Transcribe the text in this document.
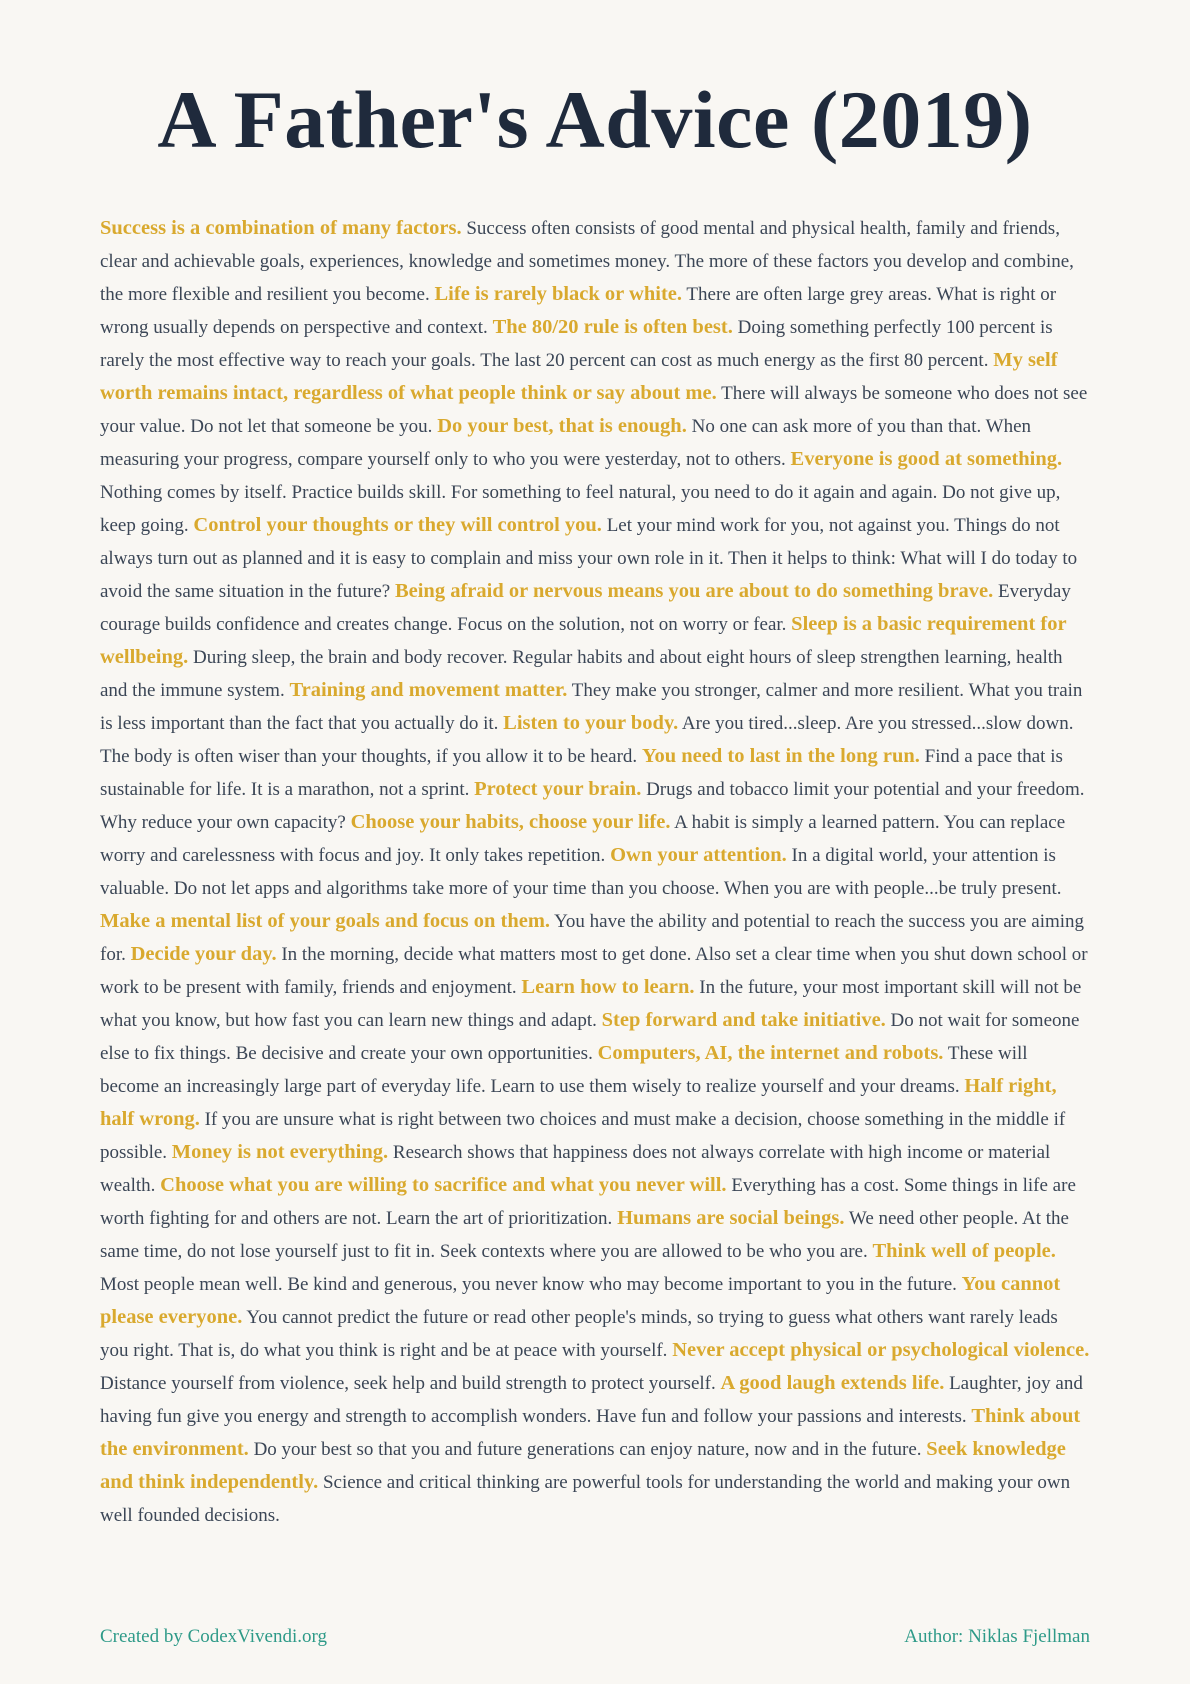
A Father's Advice (2019)
Success is a combination of many factors. Success often consists of good mental and physical health, family and friends, clear and achievable goals, experiences, knowledge and sometimes money. The more of these factors you develop and combine, the more flexible and resilient you become. Life is rarely black or white. There are often large grey areas. What is right or wrong usually depends on perspective and context. The 80/20 rule is often best. Doing something perfectly 100 percent is rarely the most effective way to reach your goals. The last 20 percent can cost as much energy as the first 80 percent. My self worth remains intact, regardless of what people think or say about me. There will always be someone who does not see your value. Do not let that someone be you. Do your best, that is enough. No one can ask more of you than that. When measuring your progress, compare yourself only to who you were yesterday, not to others. Everyone is good at something. Nothing comes by itself. Practice builds skill. For something to feel natural, you need to do it again and again. Do not give up, keep going. Control your thoughts or they will control you. Let your mind work for you, not against you. Things do not always turn out as planned and it is easy to complain and miss your own role in it. Then it helps to think: What will I do today to avoid the same situation in the future? Being afraid or nervous means you are about to do something brave. Everyday courage builds confidence and creates change. Focus on the solution, not on worry or fear. Sleep is a basic requirement for wellbeing. During sleep, the brain and body recover. Regular habits and about eight hours of sleep strengthen learning, health and the immune system. Training and movement matter. They make you stronger, calmer and more resilient. What you train is less important than the fact that you actually do it. Listen to your body. Are you tired...sleep. Are you stressed...slow down. The body is often wiser than your thoughts, if you allow it to be heard. You need to last in the long run. Find a pace that is sustainable for life. It is a marathon, not a sprint. Protect your brain. Drugs and tobacco limit your potential and your freedom. Why reduce your own capacity? Choose your habits, choose your life. A habit is simply a learned pattern. You can replace worry and carelessness with focus and joy. It only takes repetition. Own your attention. In a digital world, your attention is valuable. Do not let apps and algorithms take more of your time than you choose. When you are with people...be truly present. Make a mental list of your goals and focus on them. You have the ability and potential to reach the success you are aiming for. Decide your day. In the morning, decide what matters most to get done. Also set a clear time when you shut down school or work to be present with family, friends and enjoyment. Learn how to learn. In the future, your most important skill will not be what you know, but how fast you can learn new things and adapt. Step forward and take initiative. Do not wait for someone else to fix things. Be decisive and create your own opportunities. Computers, AI, the internet and robots. These will become an increasingly large part of everyday life. Learn to use them wisely to realize yourself and your dreams. Half right, half wrong. If you are unsure what is right between two choices and must make a decision, choose something in the middle if possible. Money is not everything. Research shows that happiness does not always correlate with high income or material wealth. Choose what you are willing to sacrifice and what you never will. Everything has a cost. Some things in life are worth fighting for and others are not. Learn the art of prioritization. Humans are social beings. We need other people. At the same time, do not lose yourself just to fit in. Seek contexts where you are allowed to be who you are. Think well of people. Most people mean well. Be kind and generous, you never know who may become important to you in the future. You cannot please everyone. You cannot predict the future or read other people's minds, so trying to guess what others want rarely leads you right. That is, do what you think is right and be at peace with yourself. Never accept physical or psychological violence. Distance yourself from violence, seek help and build strength to protect yourself. A good laugh extends life. Laughter, joy and having fun give you energy and strength to accomplish wonders. Have fun and follow your passions and interests. Think about the environment. Do your best so that you and future generations can enjoy nature, now and in the future. Seek knowledge and think independently. Science and critical thinking are powerful tools for understanding the world and making your own well founded decisions.
Created by CodexVivendi.org	Author: Niklas Fjellman
